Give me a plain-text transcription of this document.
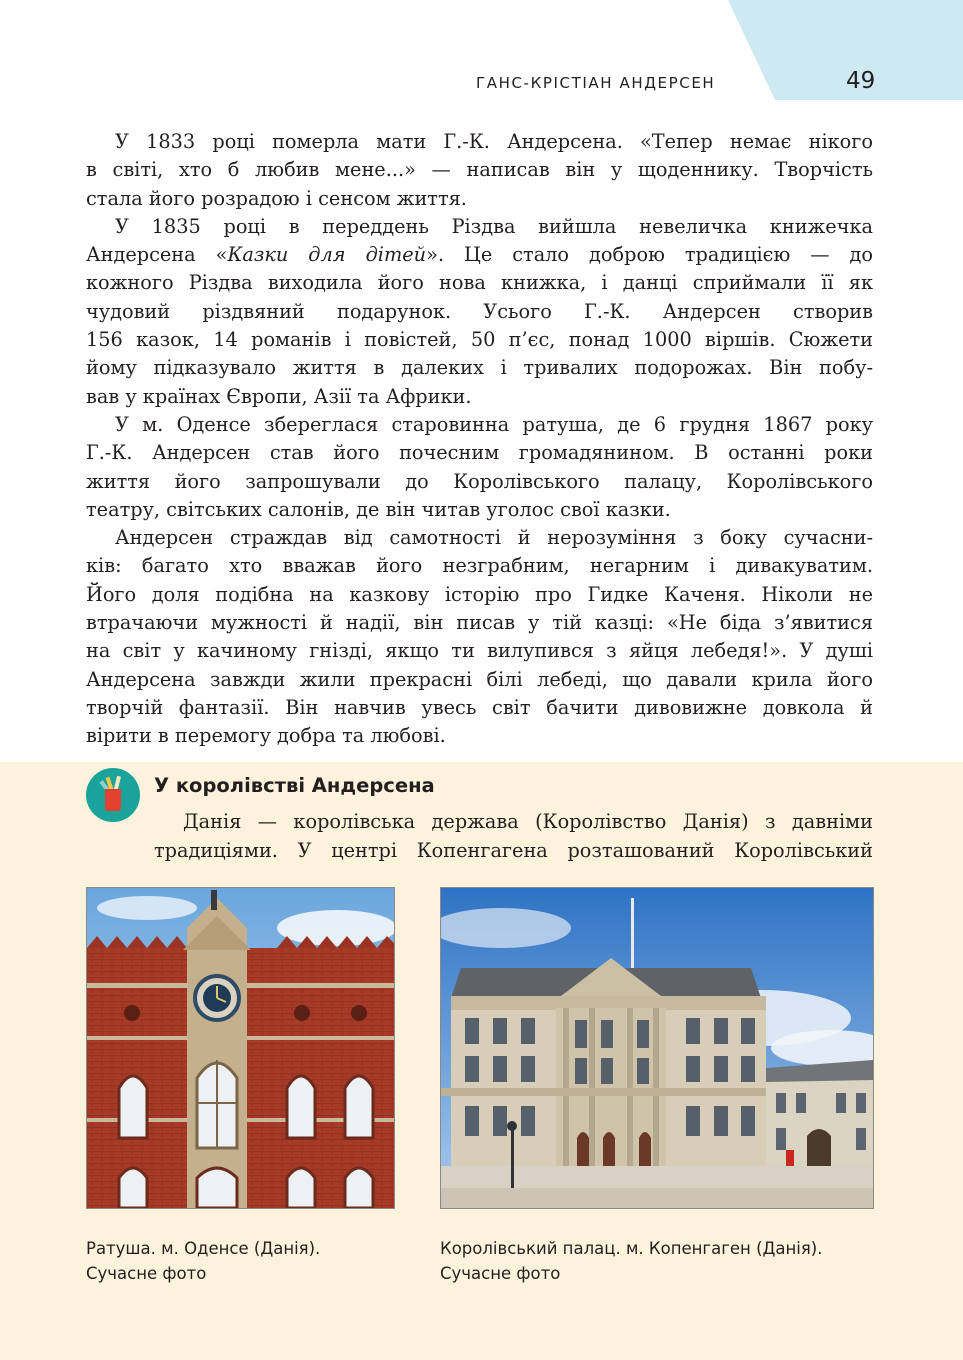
ГАНС-КРІСТІАН АНДЕРСЕН	49
У 1833 році померла мати Г.-К. Андерсена. «Тепер немає нікого
в світі, хто б любив мене...» — написав він у щоденнику. Творчість
стала його розрадою і сенсом життя.
У 1835 році в переддень Різдва вийшла невеличка книжечка
Андерсена «Казки для дітей». Це стало доброю традицією — до
кожного Різдва виходила його нова книжка, і данці сприймали її як
чудовий різдвяний подарунок. Усього Г.-К. Андерсен створив
156 казок, 14 романів і повістей, 50 п’єс, понад 1000 віршів. Сюжети
йому підказувало життя в далеких і тривалих подорожах. Він побу-
вав у країнах Європи, Азії та Африки.
У м. Оденсе збереглася старовинна ратуша, де 6 грудня 1867 року
Г.-К. Андерсен став його почесним громадянином. В останні роки
життя його запрошували до Королівського палацу, Королівського
театру, світських салонів, де він читав уголос свої казки.
Андерсен страждав від самотності й нерозуміння з боку сучасни-
ків: багато хто вважав його незграбним, негарним і дивакуватим.
Його доля подібна на казкову історію про Гидке Каченя. Ніколи не
втрачаючи мужності й надії, він писав у тій казці: «Не біда з’явитися
на світ у качиному гнізді, якщо ти вилупився з яйця лебедя!». У душі
Андерсена завжди жили прекрасні білі лебеді, що давали крила його
творчій фантазії. Він навчив увесь світ бачити дивовижне довкола й
вірити в перемогу добра та любові.
У королівстві Андерсена
Данія — королівська держава (Королівство Данія) з давніми
традиціями. У центрі Копенгагена розташований Королівський
Ратуша. м. Оденсе (Данія).
Сучасне фото
Королівський палац. м. Копенгаген (Данія).
Сучасне фото
